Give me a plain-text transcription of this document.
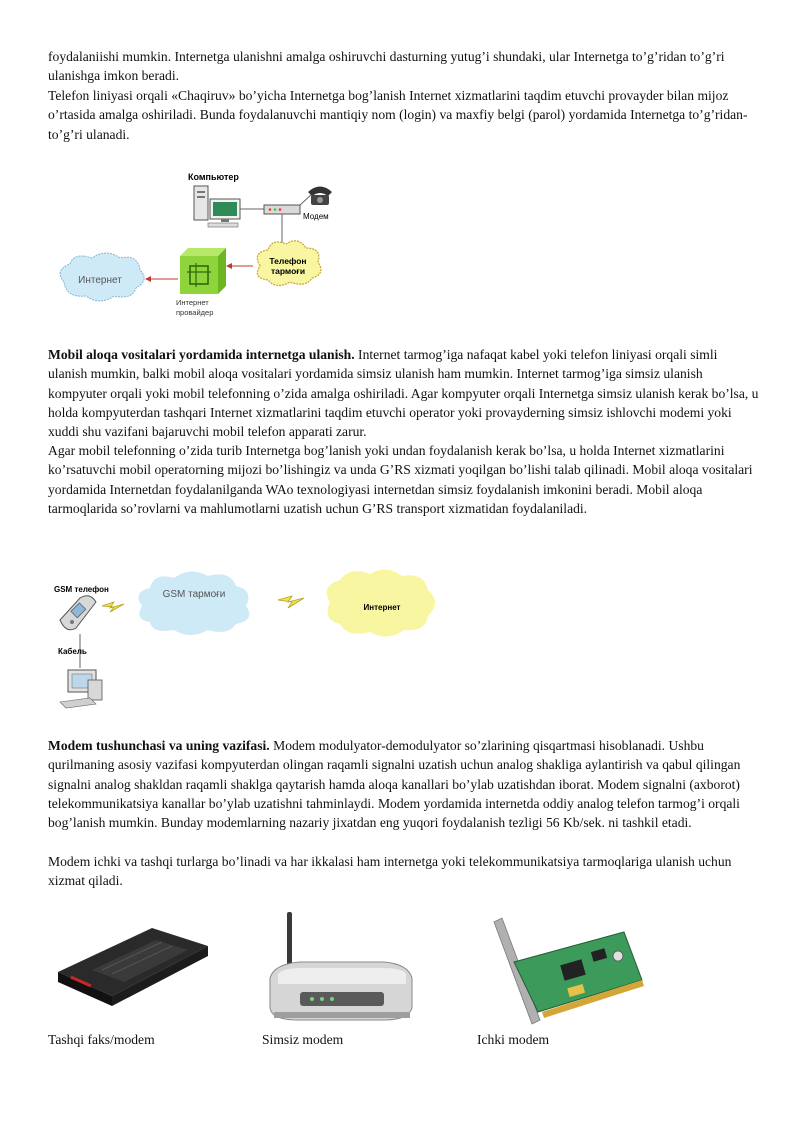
foydalaniishi mumkin. Internetga ulanishni amalga oshiruvchi dasturning yutug’i shundaki, ular Internetga to’g’ridan to’g’ri ulanishga imkon beradi.

Telefon liniyasi orqali «Chaqiruv» bo’yicha Internetga bog’lanish Internet xizmatlarini taqdim etuvchi provayder bilan mijoz o’rtasida amalga oshiriladi. Bunda foydalanuvchi mantiqiy nom (login) va maxfiy belgi (parol) yordamida Internetga to’g’ridan-to’g’ri ulanadi.

Компьютер
Модем
Телефон
тармоғи
Интернет
провайдер
Интернет

Mobil aloqa vositalari yordamida internetga ulanish. Internet tarmog’iga nafaqat kabel yoki telefon liniyasi orqali simli ulanish mumkin, balki mobil aloqa vositalari yordamida simsiz ulanish ham mumkin. Internet tarmog’iga simsiz ulanish kompyuter orqali yoki mobil telefonning o’zida amalga oshiriladi. Agar kompyuter orqali Internetga simsiz ulanish kerak bo’lsa, u holda kompyuterdan tashqari Internet xizmatlarini taqdim etuvchi operator yoki provayderning simsiz ishlovchi modemi yoki xuddi shu vazifani bajaruvchi mobil telefon apparati zarur.

Agar mobil telefonning o’zida turib Internetga bog’lanish yoki undan foydalanish kerak bo’lsa, u holda Internet xizmatlarini ko’rsatuvchi mobil operatorning mijozi bo’lishingiz va unda G’RS xizmati yoqilgan bo’lishi talab qilinadi. Mobil aloqa vositalari yordamida Internetdan foydalanilganda WAo texnologiyasi internetdan simsiz foydalanish imkonini beradi. Mobil aloqa tarmoqlarida so’rovlarni va mahlumotlarni uzatish uchun G’RS transport xizmatidan foydalaniladi.

GSM телефон	GSM тармоғи
Интернет
Кабель

Modem tushunchasi va uning vazifasi. Modem modulyator-demodulyator so’zlarining qisqartmasi hisoblanadi. Ushbu qurilmaning asosiy vazifasi kompyuterdan olingan raqamli signalni uzatish uchun analog shakliga aylantirish va qabul qilingan signalni analog shakldan raqamli shaklga qaytarish hamda aloqa kanallari bo’ylab uzatishdan iborat. Modem signalni (axborot) telekommunikatsiya kanallar bo’ylab uzatishni tahminlaydi. Modem yordamida internetda oddiy analog telefon tarmog’i orqali bog’lanish mumkin. Bunday modemlarning nazariy jixatdan eng yuqori foydalanish tezligi 56 Kb/sek. ni tashkil etadi.

Modem ichki va tashqi turlarga bo’linadi va har ikkalasi ham internetga yoki telekommunikatsiya tarmoqlariga ulanish uchun xizmat qiladi.

Tashqi faks/modem	Simsiz modem	Ichki modem
